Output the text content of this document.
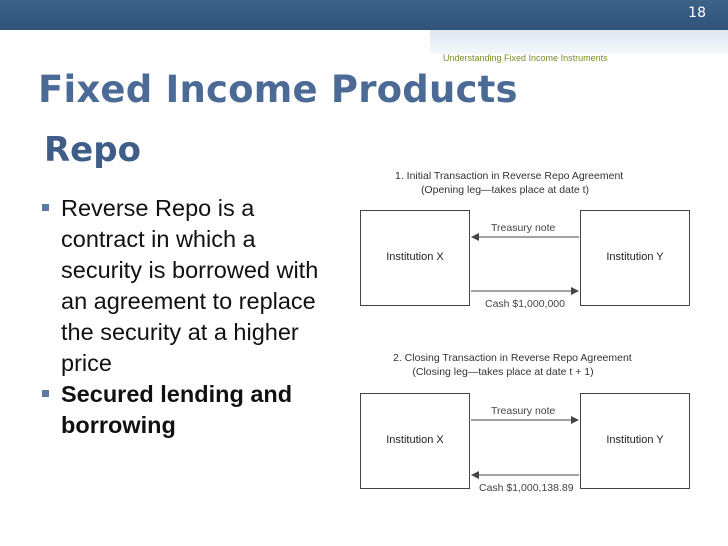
18
Understanding Fixed Income Instruments
Fixed Income Products
Repo
Reverse Repo is a contract in which a security is borrowed with an agreement to replace the security at a higher price
Secured lending and borrowing
1. Initial Transaction in Reverse Repo Agreement
(Opening leg—takes place at date t)
Institution X	Institution Y
Treasury note
Cash $1,000,000
2. Closing Transaction in Reverse Repo Agreement
(Closing leg—takes place at date t + 1)
Institution X	Institution Y
Treasury note
Cash $1,000,138.89
